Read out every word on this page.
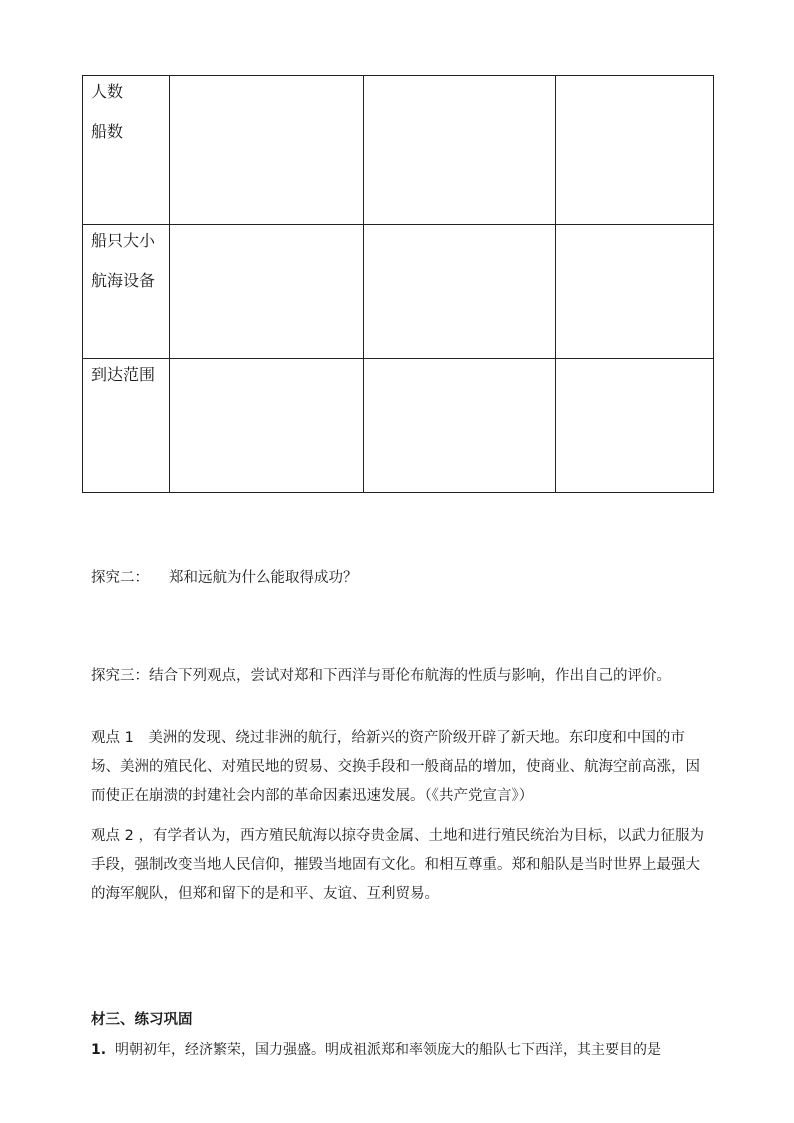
人数
船数			

船只大小
航海设备			

到达范围			

探究二： 郑和远航为什么能取得成功？

探究三：结合下列观点，尝试对郑和下西洋与哥伦布航海的性质与影响，作出自己的评价。

观点 1　美洲的发现、绕过非洲的航行，给新兴的资产阶级开辟了新天地。东印度和中国的市场、美洲的殖民化、对殖民地的贸易、交换手段和一般商品的增加，使商业、航海空前高涨，因而使正在崩溃的封建社会内部的革命因素迅速发展。（《共产党宣言》）

观点 2 ，有学者认为，西方殖民航海以掠夺贵金属、土地和进行殖民统治为目标，以武力征服为手段，强制改变当地人民信仰，摧毁当地固有文化。和相互尊重。郑和船队是当时世界上最强大的海军舰队，但郑和留下的是和平、友谊、互利贸易。

材三、练习巩固

1. 明朝初年，经济繁荣，国力强盛。明成祖派郑和率领庞大的船队七下西洋，其主要目的是
